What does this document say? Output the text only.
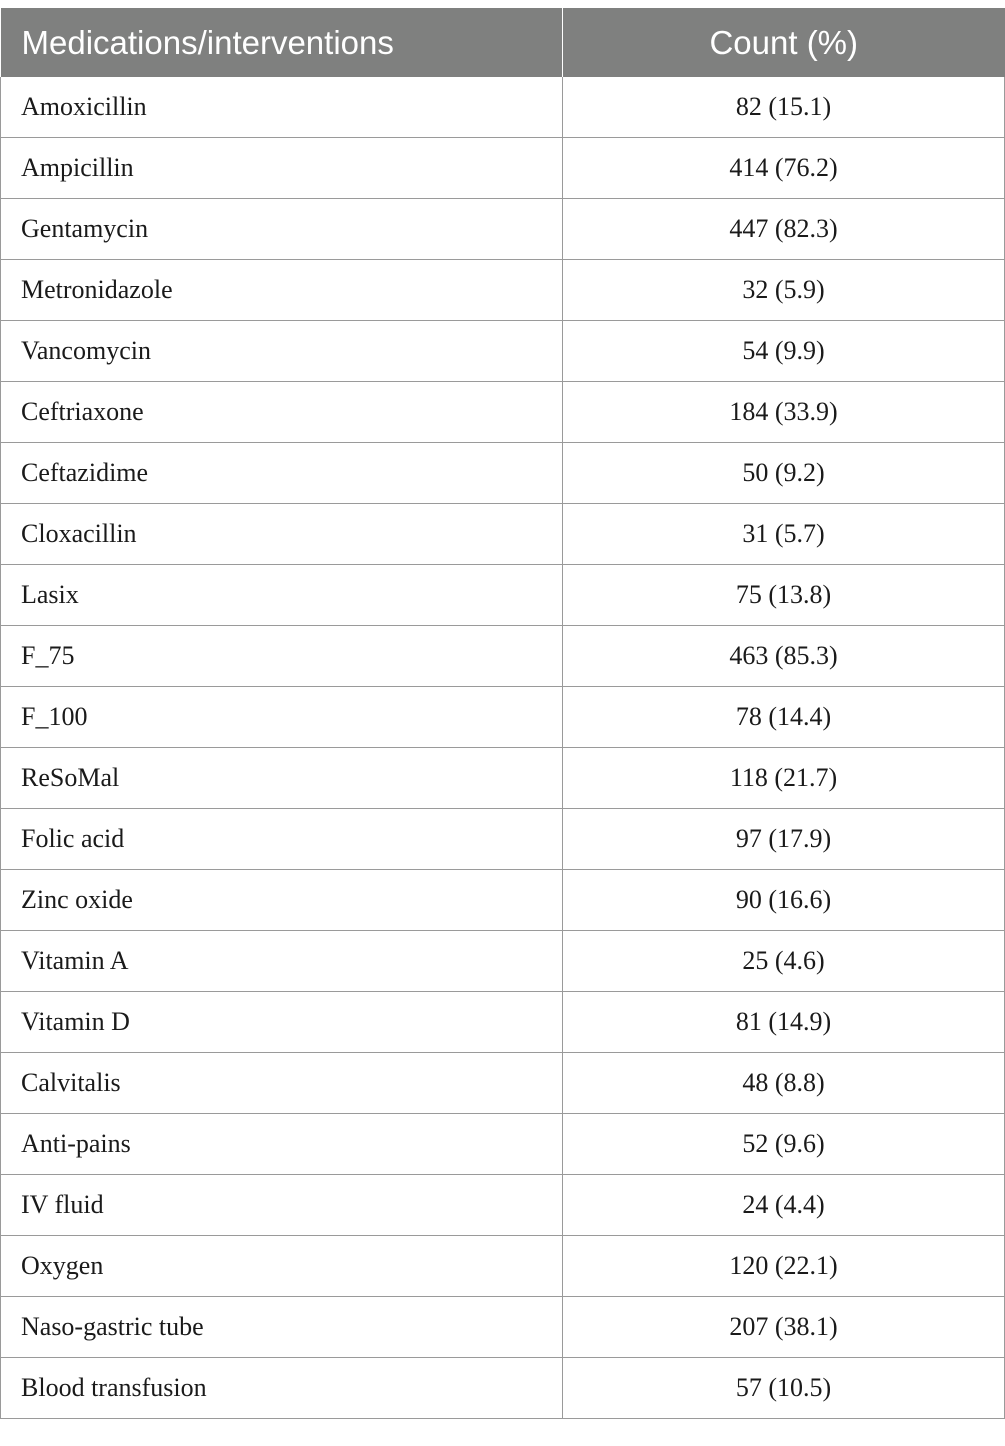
Medications/interventions	Count (%)
Amoxicillin	82 (15.1)
Ampicillin	414 (76.2)
Gentamycin	447 (82.3)
Metronidazole	32 (5.9)
Vancomycin	54 (9.9)
Ceftriaxone	184 (33.9)
Ceftazidime	50 (9.2)
Cloxacillin	31 (5.7)
Lasix	75 (13.8)
F_75	463 (85.3)
F_100	78 (14.4)
ReSoMal	118 (21.7)
Folic acid	97 (17.9)
Zinc oxide	90 (16.6)
Vitamin A	25 (4.6)
Vitamin D	81 (14.9)
Calvitalis	48 (8.8)
Anti-pains	52 (9.6)
IV fluid	24 (4.4)
Oxygen	120 (22.1)
Naso-gastric tube	207 (38.1)
Blood transfusion	57 (10.5)
